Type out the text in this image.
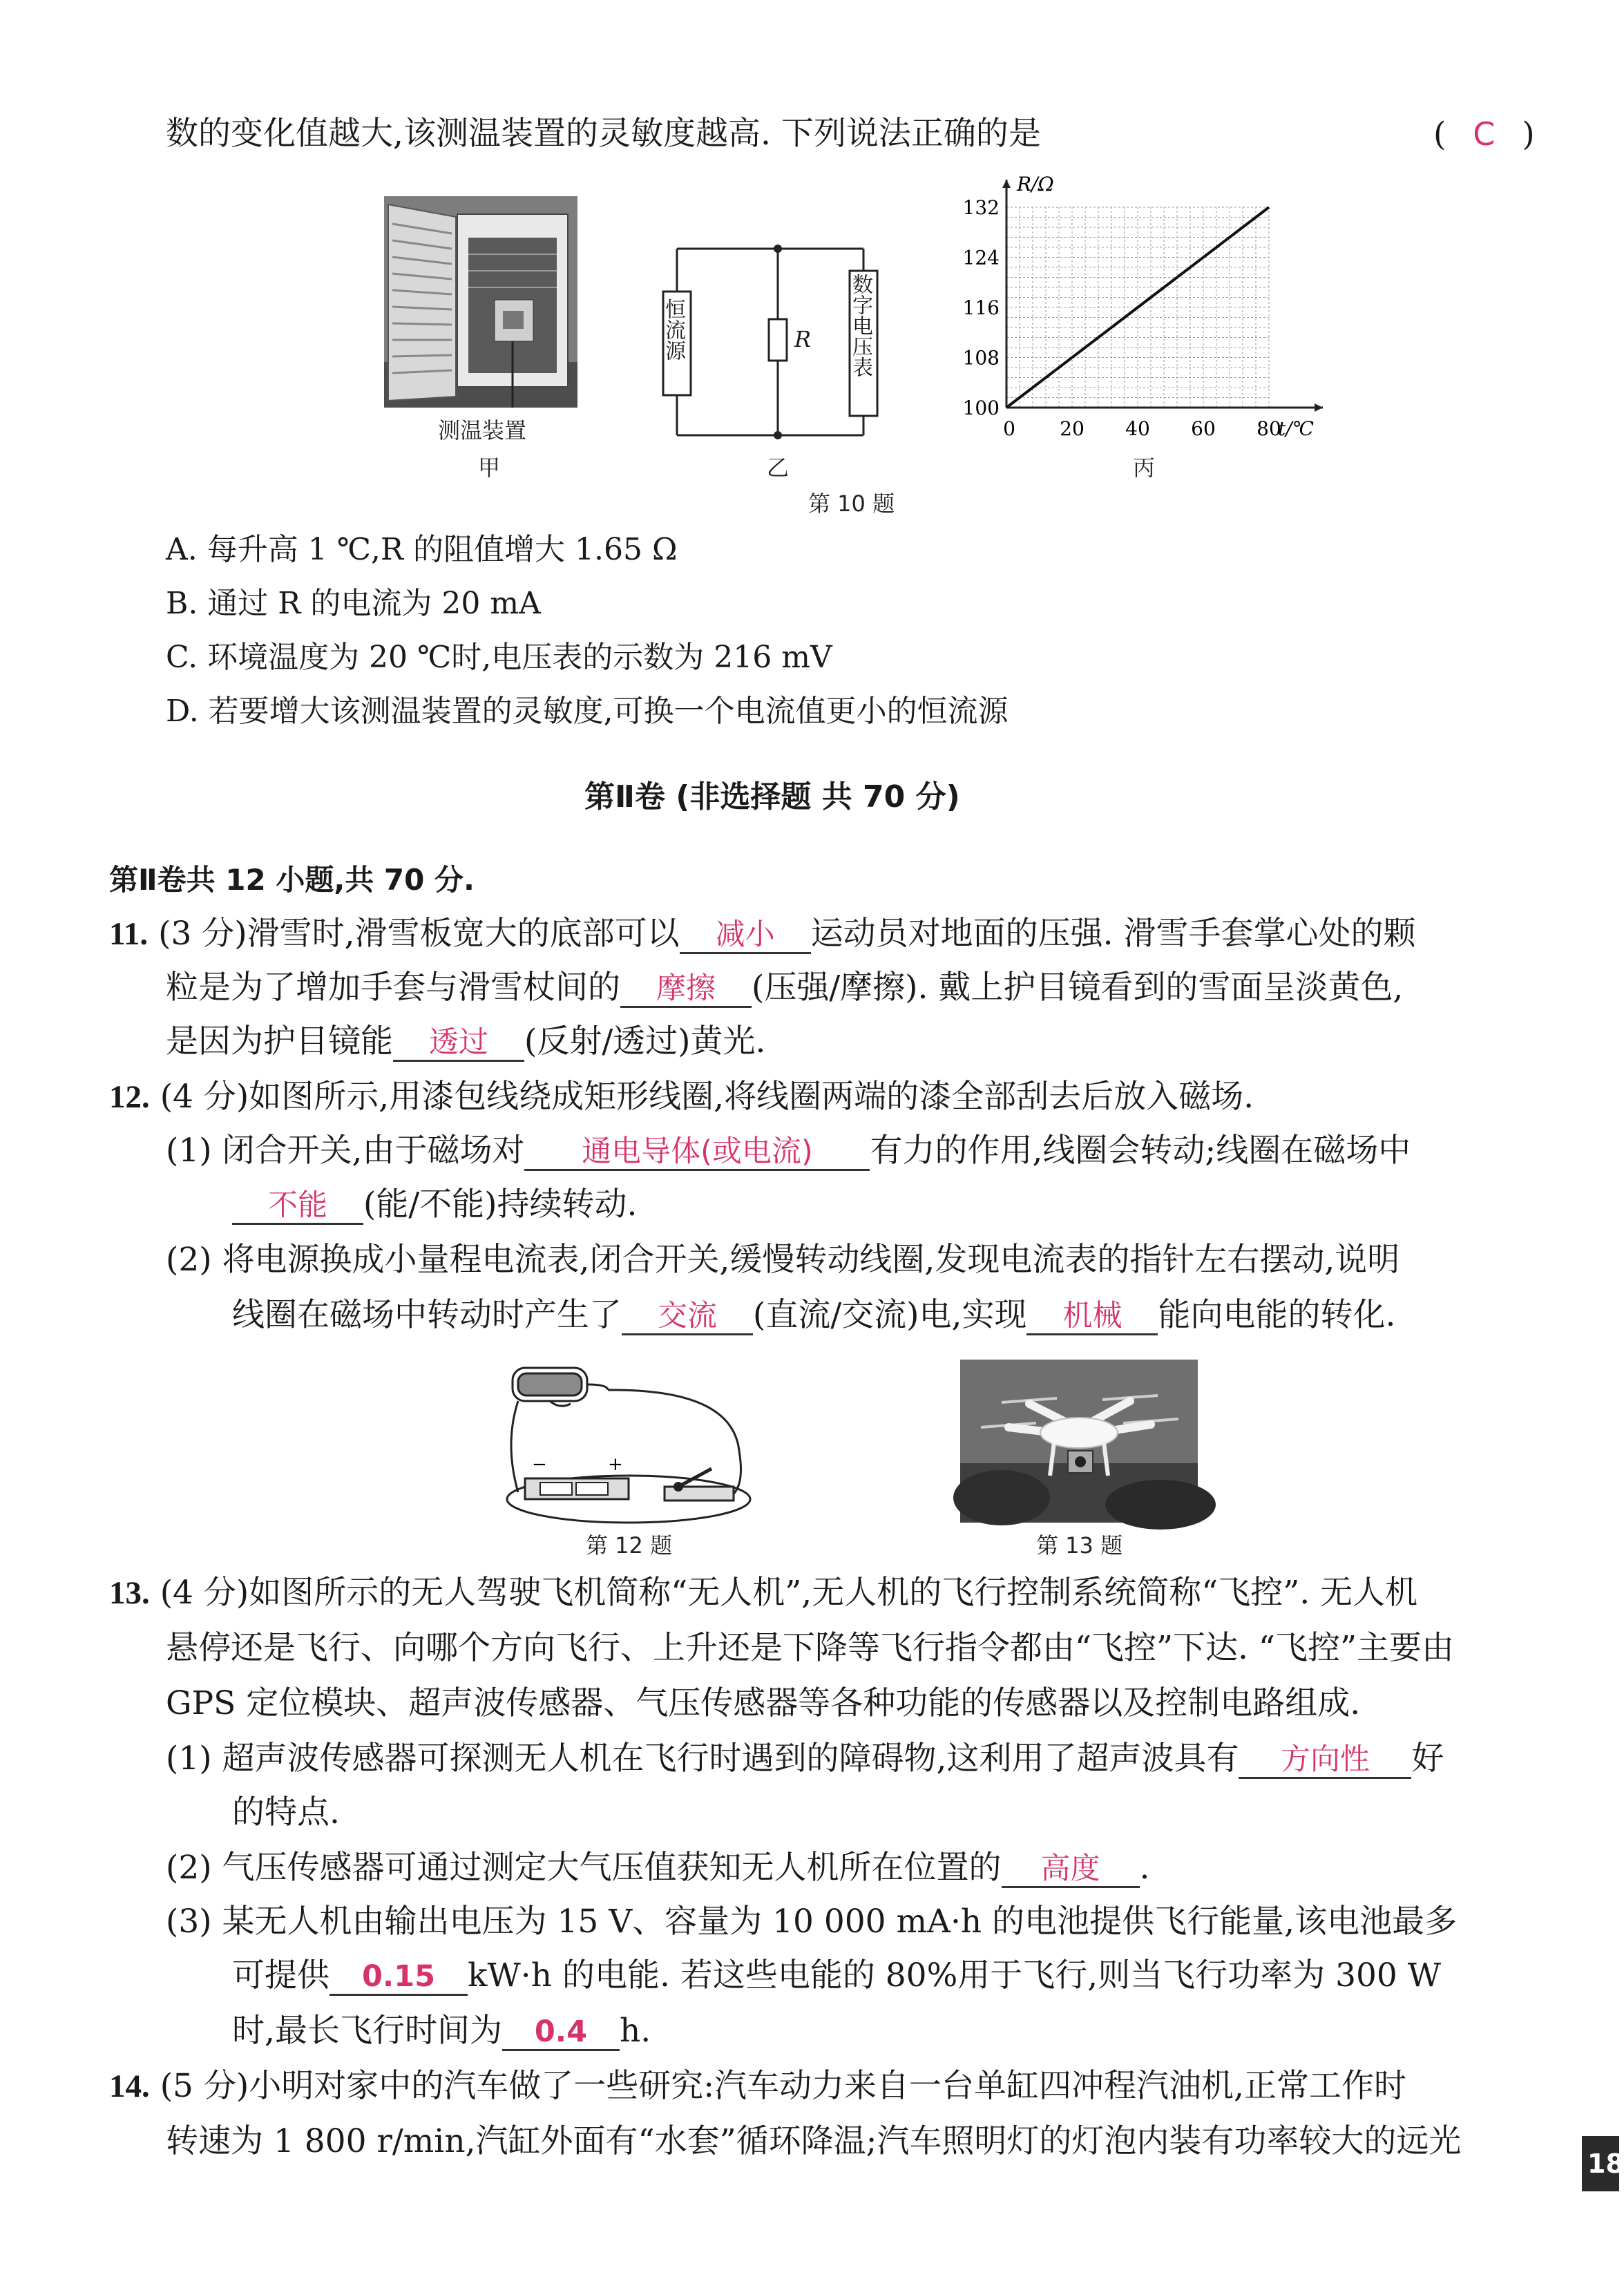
数的变化值越大,该测温装置的灵敏度越高. 下列说法正确的是	( C )
测温装置
甲
恒流源	R 数字电压表
乙
R/Ω
t/℃
100
108
116
124
132
0 20 40 60 80
丙
第 10 题
A. 每升高 1 ℃,R 的阻值增大 1.65 Ω
B. 通过 R 的电流为 20 mA
C. 环境温度为 20 ℃时,电压表的示数为 216 mV
D. 若要增大该测温装置的灵敏度,可换一个电流值更小的恒流源
第Ⅱ卷 (非选择题 共 70 分)
第Ⅱ卷共 12 小题,共 70 分.
11. (3 分)滑雪时,滑雪板宽大的底部可以 减小 运动员对地面的压强. 滑雪手套掌心处的颗
粒是为了增加手套与滑雪杖间的 摩擦 (压强/摩擦). 戴上护目镜看到的雪面呈淡黄色,
是因为护目镜能 透过 (反射/透过)黄光.
12. (4 分)如图所示,用漆包线绕成矩形线圈,将线圈两端的漆全部刮去后放入磁场.
(1) 闭合开关,由于磁场对 通电导体(或电流) 有力的作用,线圈会转动;线圈在磁场中
不能 (能/不能)持续转动.
(2) 将电源换成小量程电流表,闭合开关,缓慢转动线圈,发现电流表的指针左右摆动,说明
线圈在磁场中转动时产生了 交流 (直流/交流)电,实现 机械 能向电能的转化.
−	+
第 12 题	第 13 题
13. (4 分)如图所示的无人驾驶飞机简称“无人机”,无人机的飞行控制系统简称“飞控”. 无人机
悬停还是飞行、向哪个方向飞行、上升还是下降等飞行指令都由“飞控”下达. “飞控”主要由
GPS 定位模块、超声波传感器、气压传感器等各种功能的传感器以及控制电路组成.
(1) 超声波传感器可探测无人机在飞行时遇到的障碍物,这利用了超声波具有 方向性 好
的特点.
(2) 气压传感器可通过测定大气压值获知无人机所在位置的 高度 .
(3) 某无人机由输出电压为 15 V、容量为 10 000 mA·h 的电池提供飞行能量,该电池最多
可提供 0.15 kW·h 的电能. 若这些电能的 80%用于飞行,则当飞行功率为 300 W
时,最长飞行时间为 0.4 h.
14. (5 分)小明对家中的汽车做了一些研究:汽车动力来自一台单缸四冲程汽油机,正常工作时
转速为 1 800 r/min,汽缸外面有“水套”循环降温;汽车照明灯的灯泡内装有功率较大的远光
18
